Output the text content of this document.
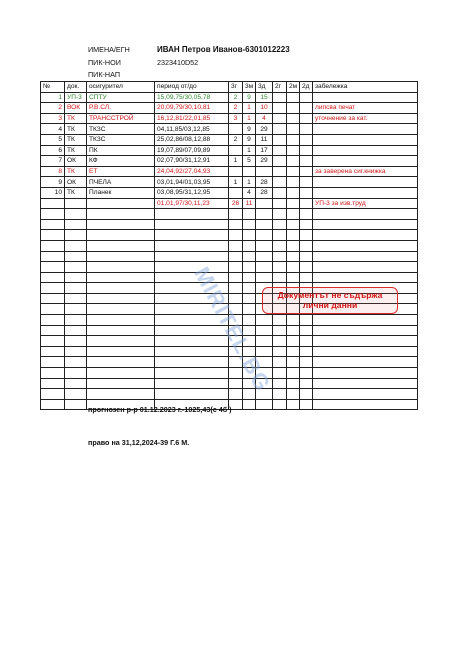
ИМЕНА/ЕГН	ИВАН Петров Иванов-6301012223
ПИК-НОИ	2323410D52
ПИК-НАП
№	док.	осигурител	период от/до	3г	3м	3д	2г	2м	2д	забележка
1	УП-3	СПТУ	15,09,75/30,05,78	2	9	15				
2	ВОК	Р.В.СЛ.	20,09,79/30,10,81	2	1	10				липсва печат
3	ТК	ТРАНССТРОЙ	16,12,81/22,01,85	3	1	4				уточнение за кат.
4	ТК	ТКЗС	04,11,85/03,12,85		9	29				
5	ТК	ТКЗС	25,02,86/08,12,88	2	9	11				
6	ТК	ПК	19,07,89/07,09,89		1	17				
7	ОК	КФ	02,07,90/31,12,91	1	5	29				
8	ТК	ЕТ	24,04,92/27,04,93							за заверена сиг.книжка
9	ОК	ПЧЕЛА	03,01,94/01,03,95	1	1	28				
10	ТК	Планек	03,08,95/31,12,95		4	28				
			01,01,97/30,11,23	26	11					УП-3 за изв.труд

MIRITEL.BG Документът не съдържа
лични данни
прогнозен р-р 01.12.2023 г.-1025,43(с 4б )
право на 31,12,2024-39 Г.6 М.
